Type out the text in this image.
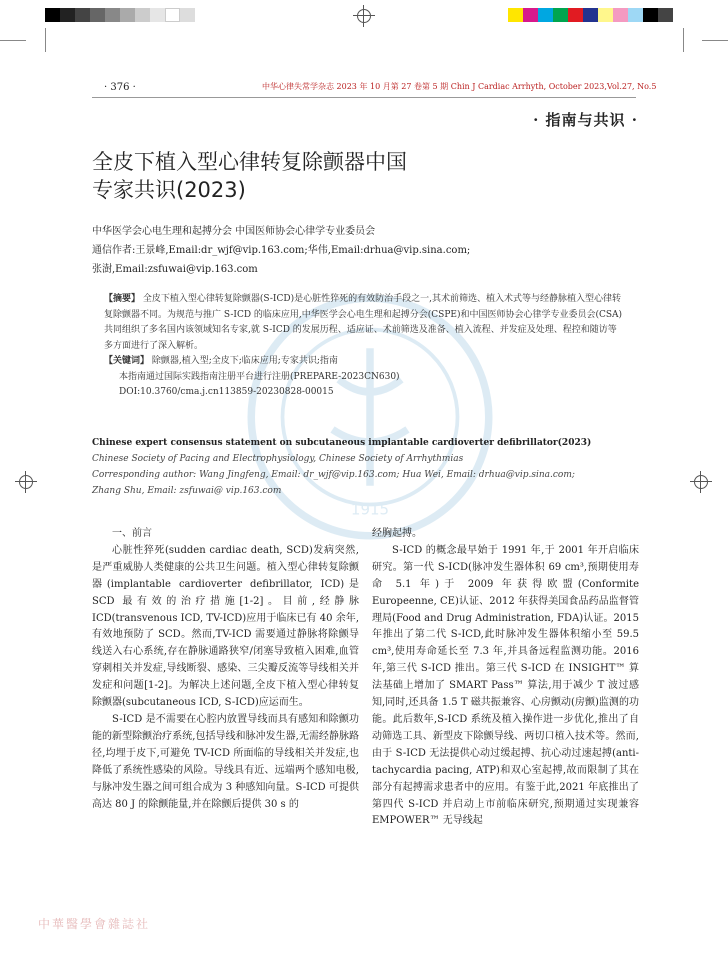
· 376 ·	中华心律失常学杂志 2023 年 10 月第 27 卷第 5 期 Chin J Cardiac Arrhyth, October 2023,Vol.27, No.5
· 指南与共识 ·
1915
全皮下植入型心律转复除颤器中国
专家共识(2023)
中华医学会心电生理和起搏分会 中国医师协会心律学专业委员会
通信作者:王景峰,Email:dr_wjf@vip.163.com;华伟,Email:drhua@vip.sina.com;
张澍,Email:zsfuwai@vip.163.com
【摘要】 全皮下植入型心律转复除颤器(S-ICD)是心脏性猝死的有效防治手段之一,其术前筛选、植入术式等与经静脉植入型心律转复除颤器不同。为规范与推广 S-ICD 的临床应用,中华医学会心电生理和起搏分会(CSPE)和中国医师协会心律学专业委员会(CSA)共同组织了多名国内该领域知名专家,就 S-ICD 的发展历程、适应证、术前筛选及准备、植入流程、并发症及处理、程控和随访等多方面进行了深入解析。
【关键词】 除颤器,植入型;全皮下;临床应用;专家共识;指南
本指南通过国际实践指南注册平台进行注册(PREPARE-2023CN630)
DOI:10.3760/cma.j.cn113859-20230828-00015
Chinese expert consensus statement on subcutaneous implantable cardioverter defibrillator(2023)
Chinese Society of Pacing and Electrophysiology, Chinese Society of Arrhythmias
Corresponding author: Wang Jingfeng, Email: dr_wjf@vip.163.com; Hua Wei, Email: drhua@vip.sina.com;
Zhang Shu, Email: zsfuwai@ vip.163.com

一、前言

心脏性猝死(sudden cardiac death, SCD)发病突然,是严重威胁人类健康的公共卫生问题。植入型心律转复除颤器(implantable cardioverter defibrillator, ICD)是 SCD 最有效的治疗措施[1-2]。目前,经静脉 ICD(transvenous ICD, TV-ICD)应用于临床已有 40 余年,有效地预防了 SCD。然而,TV-ICD 需要通过静脉将除颤导线送入右心系统,存在静脉通路狭窄/闭塞导致植入困难,血管穿刺相关并发症,导线断裂、感染、三尖瓣反流等导线相关并发症和问题[1-2]。为解决上述问题,全皮下植入型心律转复除颤器(subcutaneous ICD, S-ICD)应运而生。

S-ICD 是不需要在心腔内放置导线而具有感知和除颤功能的新型除颤治疗系统,包括导线和脉冲发生器,无需经静脉路径,均埋于皮下,可避免 TV-ICD 所面临的导线相关并发症,也降低了系统性感染的风险。导线具有近、远端两个感知电极,与脉冲发生器之间可组合成为 3 种感知向量。S-ICD 可提供高达 80 J 的除颤能量,并在除颤后提供 30 s 的

经胸起搏。

S-ICD 的概念最早始于 1991 年,于 2001 年开启临床研究。第一代 S-ICD(脉冲发生器体积 69 cm³,预期使用寿命 5.1 年)于 2009 年获得欧盟(Conformite Europeenne, CE)认证、2012 年获得美国食品药品监督管理局(Food and Drug Administration, FDA)认证。2015 年推出了第二代 S-ICD,此时脉冲发生器体积缩小至 59.5 cm³,使用寿命延长至 7.3 年,并具备远程监测功能。2016 年,第三代 S-ICD 推出。第三代 S-ICD 在 INSIGHT™ 算法基础上增加了 SMART Pass™ 算法,用于减少 T 波过感知,同时,还具备 1.5 T 磁共振兼容、心房颤动(房颤)监测的功能。此后数年,S-ICD 系统及植入操作进一步优化,推出了自动筛选工具、新型皮下除颤导线、两切口植入技术等。然而,由于 S-ICD 无法提供心动过缓起搏、抗心动过速起搏(anti-tachycardia pacing, ATP)和双心室起搏,故而限制了其在部分有起搏需求患者中的应用。有鉴于此,2021 年底推出了第四代 S-ICD 并启动上市前临床研究,预期通过实现兼容 EMPOWER™ 无导线起

中華醫學會雜誌社
